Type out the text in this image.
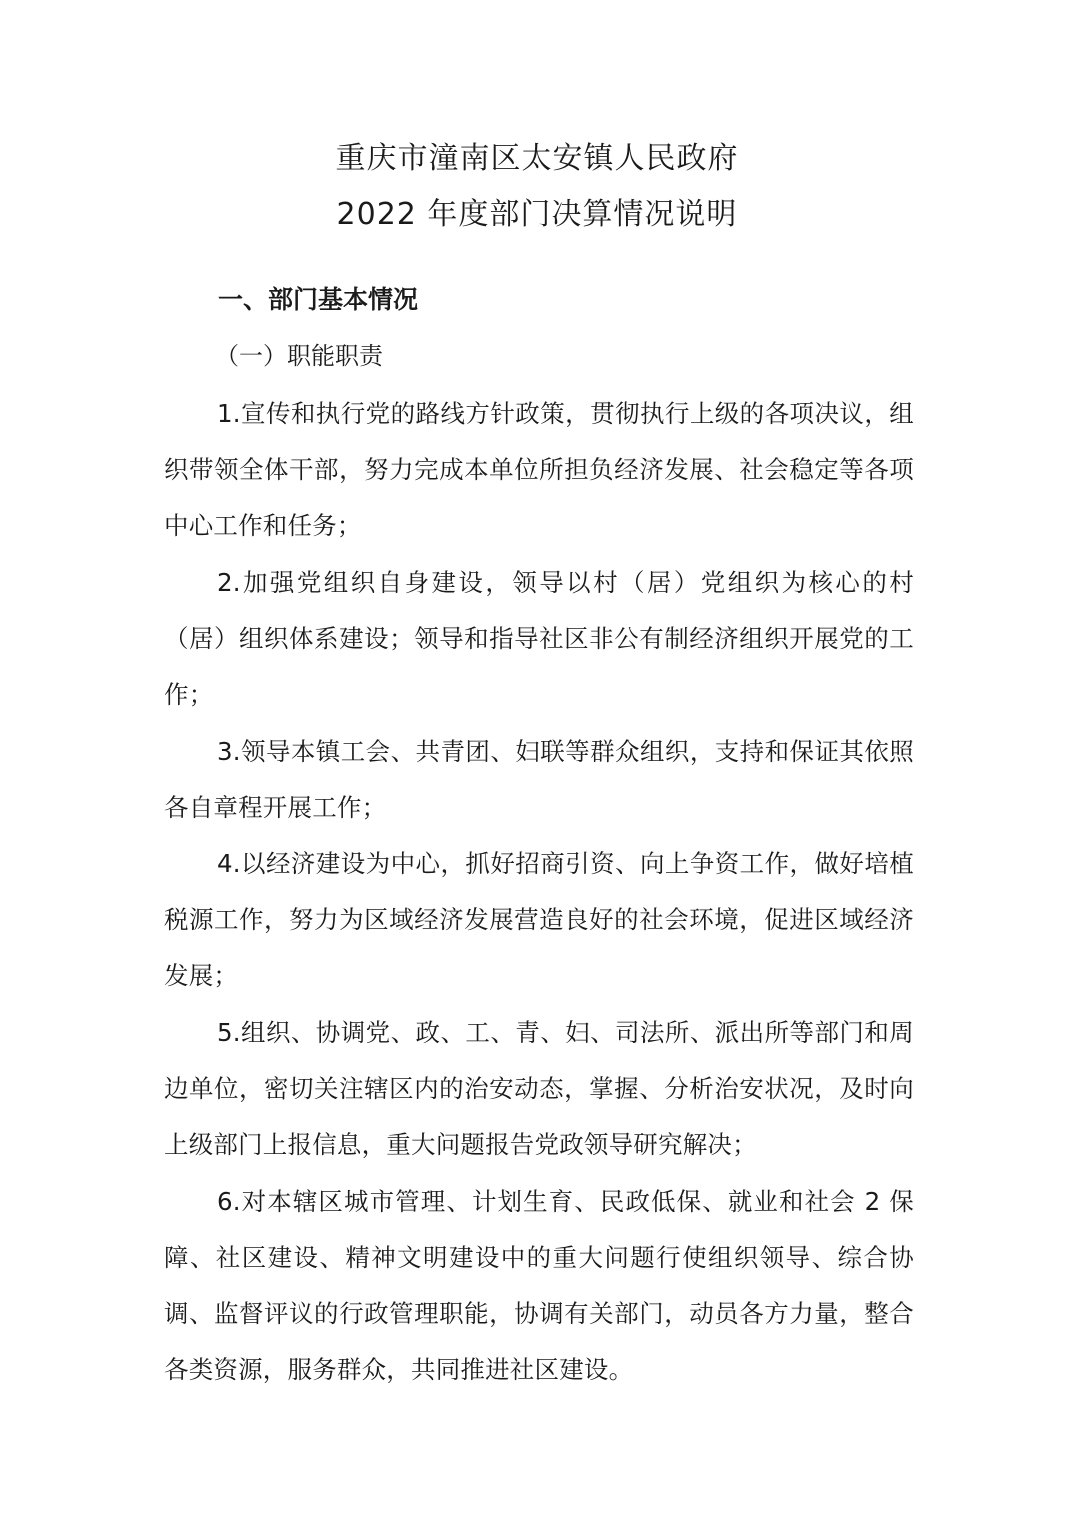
重庆市潼南区太安镇人民政府
2022 年度部门决算情况说明
一、部门基本情况
（一）职能职责

1.宣传和执行党的路线方针政策，贯彻执行上级的各项决议，组织带领全体干部，努力完成本单位所担负经济发展、社会稳定等各项中心工作和任务；

2.加强党组织自身建设，领导以村（居）党组织为核心的村（居）组织体系建设；领导和指导社区非公有制经济组织开展党的工作；

3.领导本镇工会、共青团、妇联等群众组织，支持和保证其依照各自章程开展工作；

4.以经济建设为中心，抓好招商引资、向上争资工作，做好培植税源工作，努力为区域经济发展营造良好的社会环境，促进区域经济发展；

5.组织、协调党、政、工、青、妇、司法所、派出所等部门和周边单位，密切关注辖区内的治安动态，掌握、分析治安状况，及时向上级部门上报信息，重大问题报告党政领导研究解决；

6.对本辖区城市管理、计划生育、民政低保、就业和社会 2 保障、社区建设、精神文明建设中的重大问题行使组织领导、综合协调、监督评议的行政管理职能，协调有关部门，动员各方力量，整合各类资源，服务群众，共同推进社区建设。
